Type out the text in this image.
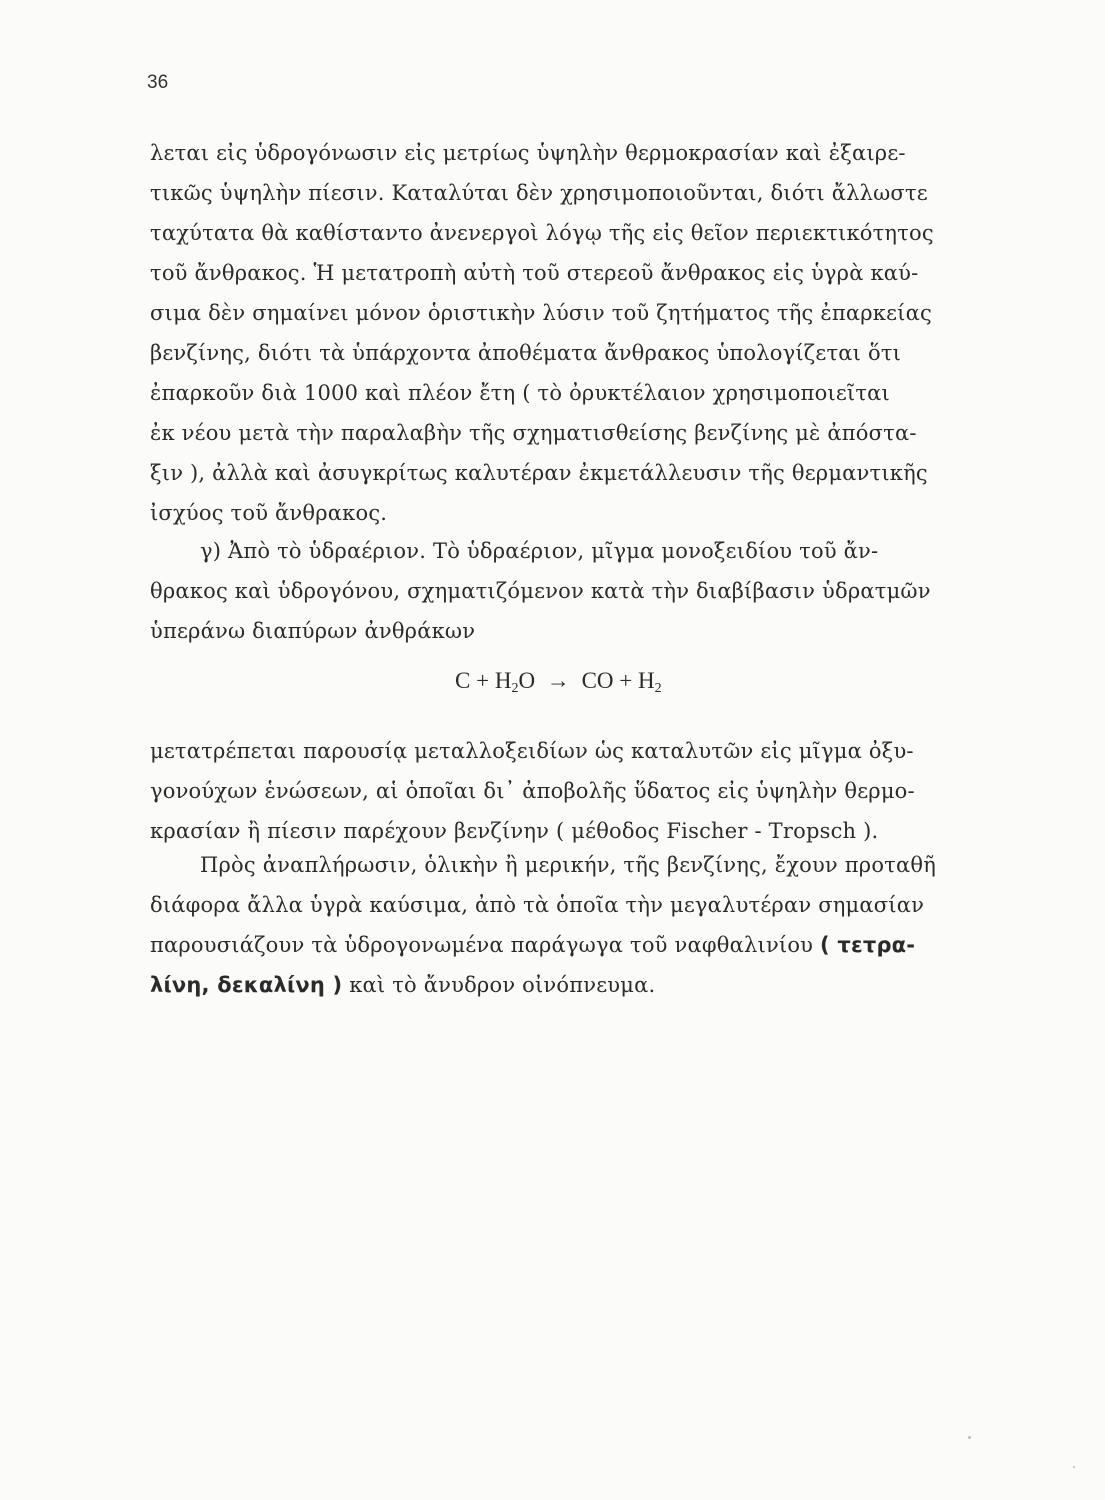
36
λεται εἰς ὑδρογόνωσιν εἰς μετρίως ὑψηλὴν θερμοκρασίαν καὶ ἐξαιρε-
τικῶς ὑψηλὴν πίεσιν. Καταλύται δὲν χρησιμοποιοῦνται, διότι ἄλλωστε
ταχύτατα θὰ καθίσταντο ἀνενεργοὶ λόγῳ τῆς εἰς θεῖον περιεκτικότητος
τοῦ ἄνθρακος. Ἡ μετατροπὴ αὐτὴ τοῦ στερεοῦ ἄνθρακος εἰς ὑγρὰ καύ-
σιμα δὲν σημαίνει μόνον ὁριστικὴν λύσιν τοῦ ζητήματος τῆς ἐπαρκείας
βενζίνης, διότι τὰ ὑπάρχοντα ἀποθέματα ἄνθρακος ὑπολογίζεται ὅτι
ἐπαρκοῦν διὰ 1000 καὶ πλέον ἔτη ( τὸ ὀρυκτέλαιον χρησιμοποιεῖται
ἐκ νέου μετὰ τὴν παραλαβὴν τῆς σχηματισθείσης βενζίνης μὲ ἀπόστα-
ξιν ), ἀλλὰ καὶ ἀσυγκρίτως καλυτέραν ἐκμετάλλευσιν τῆς θερμαντικῆς
ἰσχύος τοῦ ἄνθρακος.
γ) Ἀπὸ τὸ ὑδραέριον. Τὸ ὑδραέριον, μῖγμα μονοξειδίου τοῦ ἄν-
θρακος καὶ ὑδρογόνου, σχηματιζόμενον κατὰ τὴν διαβίβασιν ὑδρατμῶν
ὑπεράνω διαπύρων ἀνθράκων
$C + H_2O$ → CO + $H_2$
μετατρέπεται παρουσίᾳ μεταλλοξειδίων ὡς καταλυτῶν εἰς μῖγμα ὀξυ-
γονούχων ἑνώσεων, αἱ ὁποῖαι δι᾽ ἀποβολῆς ὕδατος εἰς ὑψηλὴν θερμο-
κρασίαν ἢ πίεσιν παρέχουν βενζίνην ( μέθοδος Fischer - Tropsch ).
Πρὸς ἀναπλήρωσιν, ὁλικὴν ἢ μερικήν, τῆς βενζίνης, ἔχουν προταθῆ
διάφορα ἄλλα ὑγρὰ καύσιμα, ἀπὸ τὰ ὁποῖα τὴν μεγαλυτέραν σημασίαν
παρουσιάζουν τὰ ὑδρογονωμένα παράγωγα τοῦ ναφθαλινίου ( τετρα-
λίνη, δεκαλίνη ) καὶ τὸ ἄνυδρον οἰνόπνευμα.
